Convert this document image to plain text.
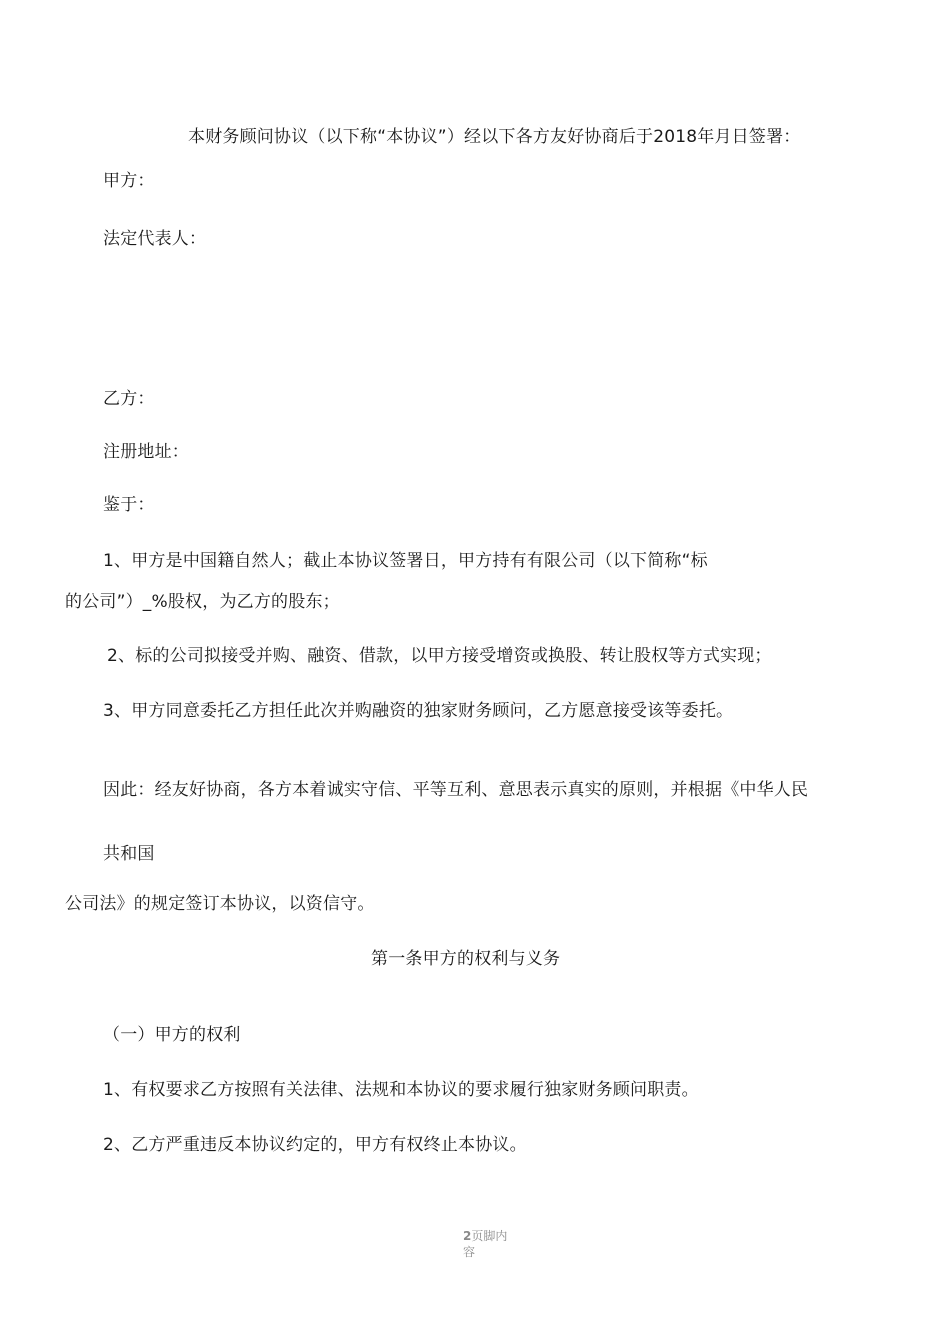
本财务顾问协议（以下称“本协议”）经以下各方友好协商后于2018年月日签署：
甲方：
法定代表人：
乙方：
注册地址：
鉴于：
1、甲方是中国籍自然人；截止本协议签署日，甲方持有有限公司（以下简称“标
的公司”）_%股权，为乙方的股东；
2、标的公司拟接受并购、融资、借款，以甲方接受增资或换股、转让股权等方式实现；
3、甲方同意委托乙方担任此次并购融资的独家财务顾问，乙方愿意接受该等委托。
因此：经友好协商，各方本着诚实守信、平等互利、意思表示真实的原则，并根据《中华人民
共和国
公司法》的规定签订本协议，以资信守。
第一条甲方的权利与义务
（一）甲方的权利
1、有权要求乙方按照有关法律、法规和本协议的要求履行独家财务顾问职责。
2、乙方严重违反本协议约定的，甲方有权终止本协议。
2页脚内容
